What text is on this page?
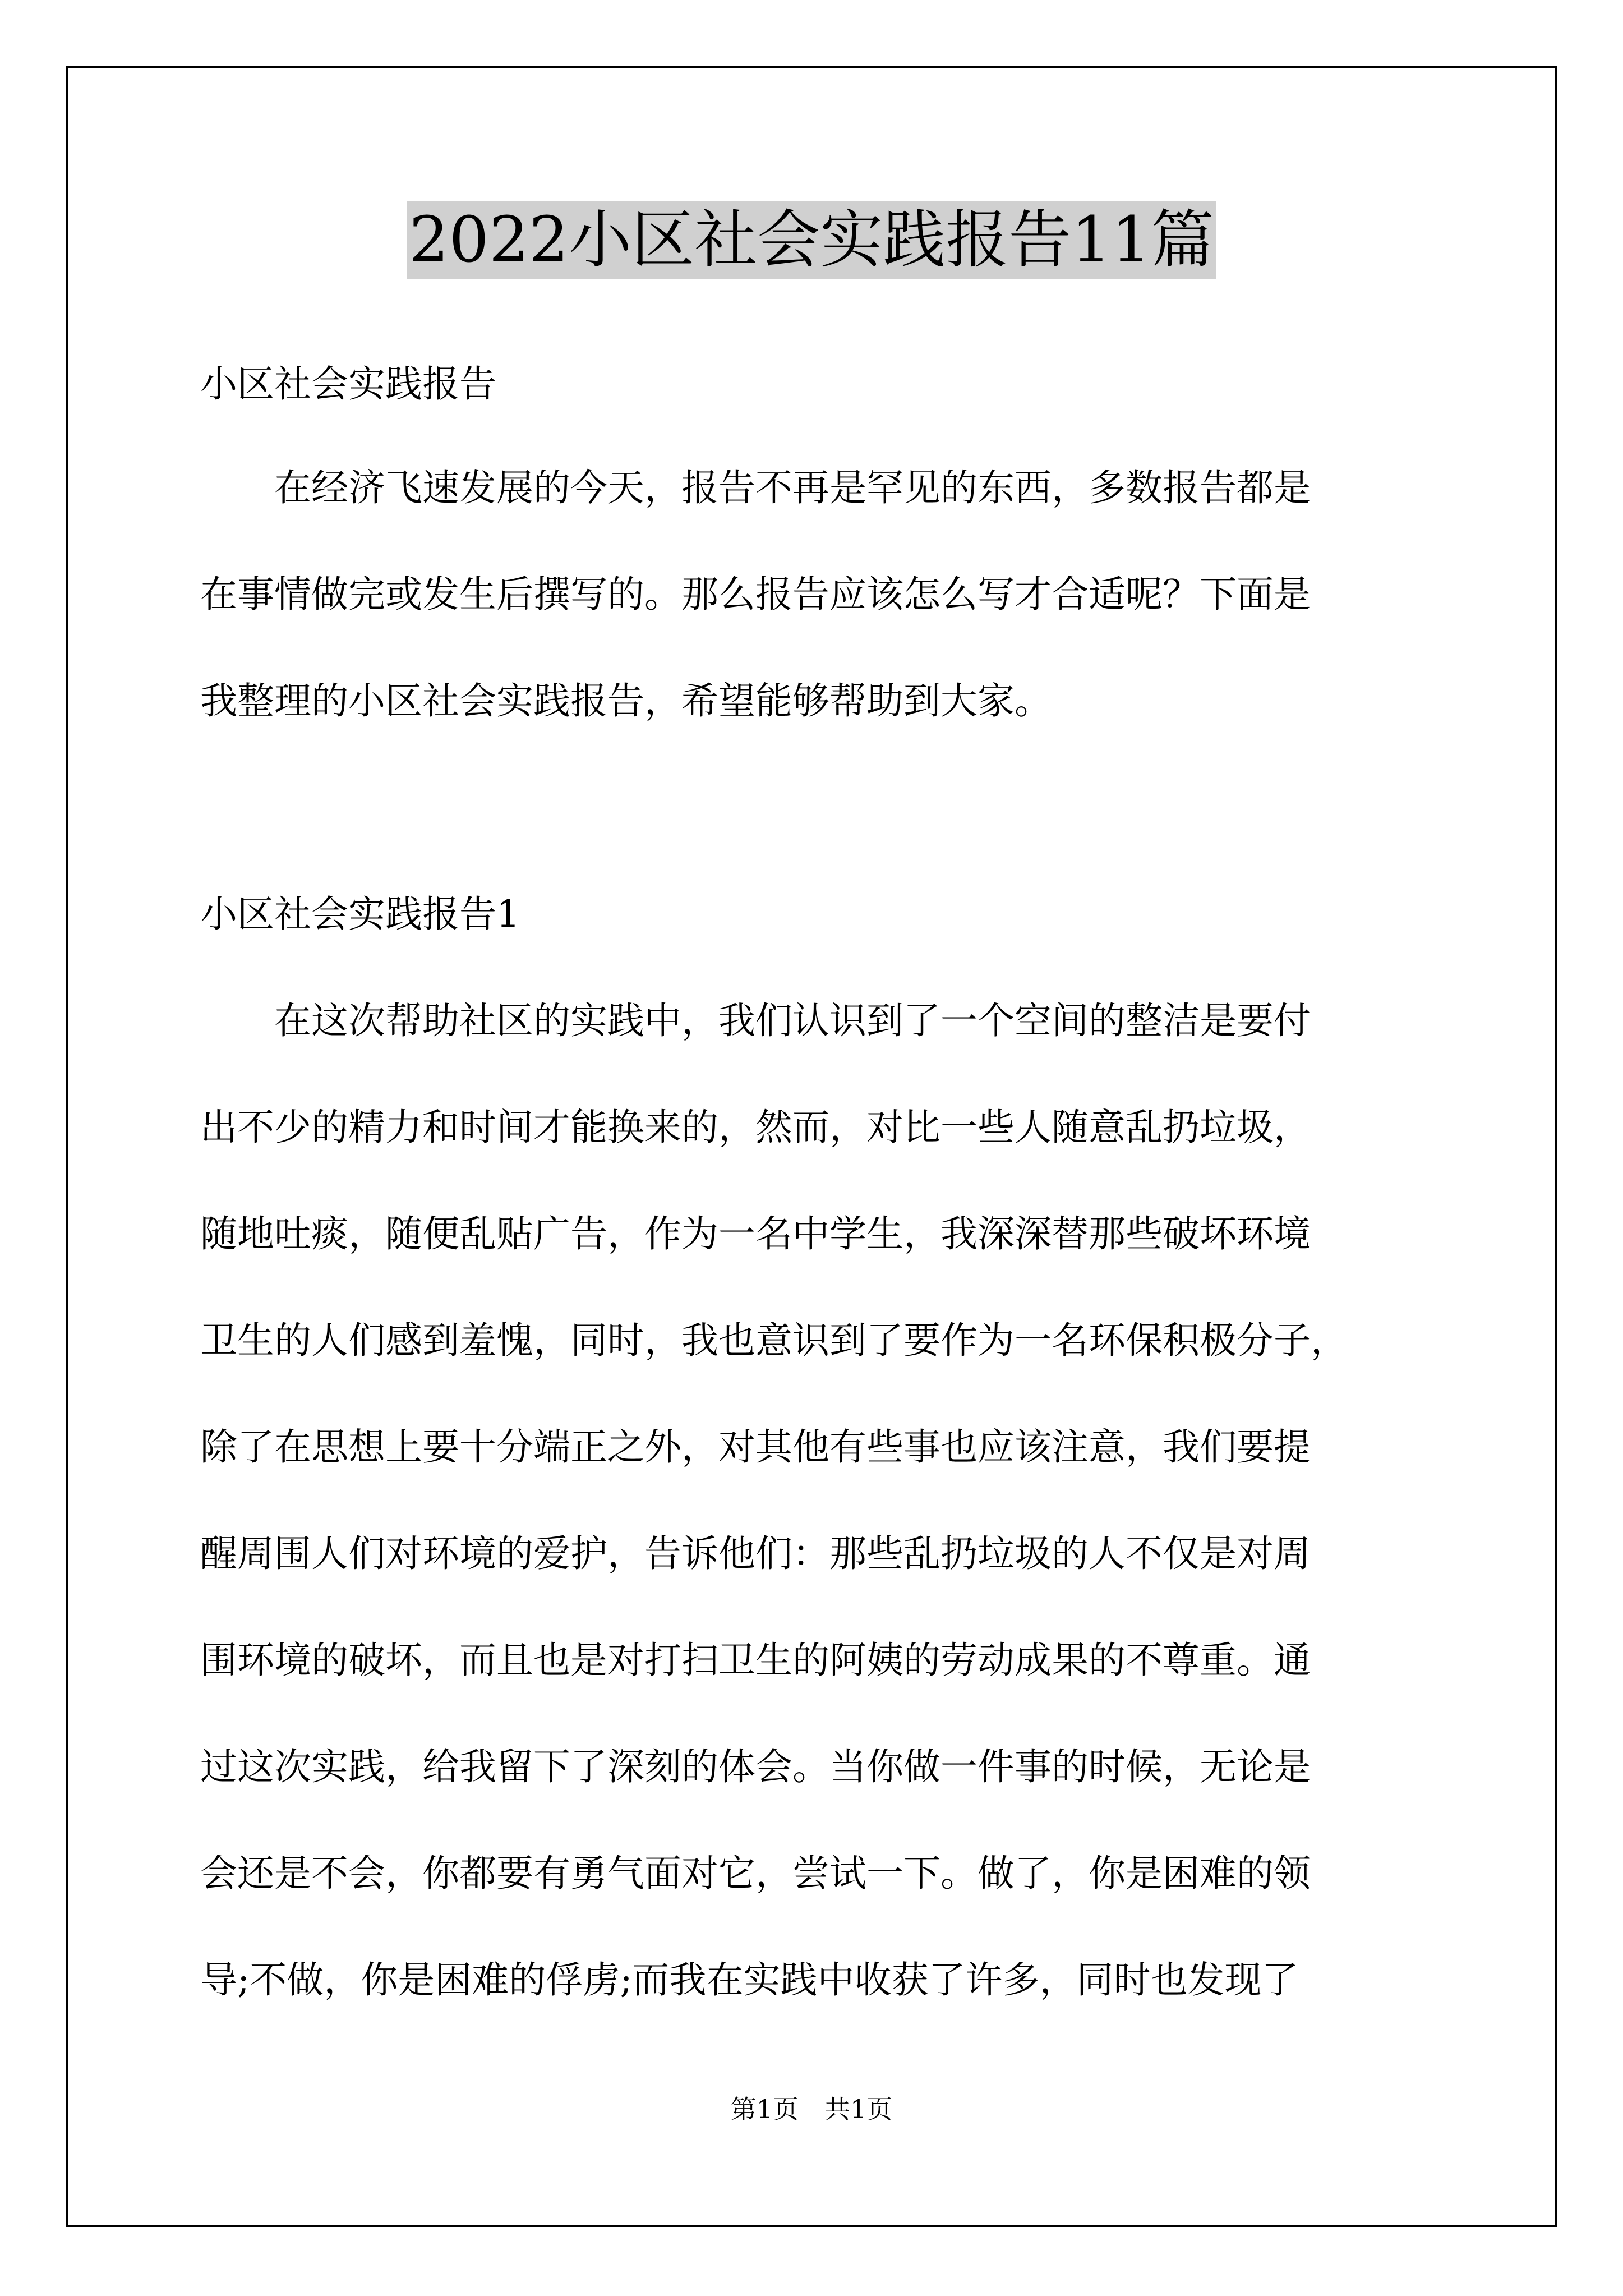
2022小区社会实践报告11篇
小区社会实践报告
　　在经济飞速发展的今天，报告不再是罕见的东西，多数报告都是
在事情做完或发生后撰写的。那么报告应该怎么写才合适呢？下面是
我整理的小区社会实践报告，希望能够帮助到大家。
小区社会实践报告1
　　在这次帮助社区的实践中，我们认识到了一个空间的整洁是要付
出不少的精力和时间才能换来的，然而，对比一些人随意乱扔垃圾，
随地吐痰，随便乱贴广告，作为一名中学生，我深深替那些破坏环境
卫生的人们感到羞愧，同时，我也意识到了要作为一名环保积极分子，
除了在思想上要十分端正之外，对其他有些事也应该注意，我们要提
醒周围人们对环境的爱护，告诉他们：那些乱扔垃圾的人不仅是对周
围环境的破坏，而且也是对打扫卫生的阿姨的劳动成果的不尊重。通
过这次实践，给我留下了深刻的体会。当你做一件事的时候，无论是
会还是不会，你都要有勇气面对它，尝试一下。做了，你是困难的领
导;不做，你是困难的俘虏;而我在实践中收获了许多，同时也发现了
第1页　共1页
